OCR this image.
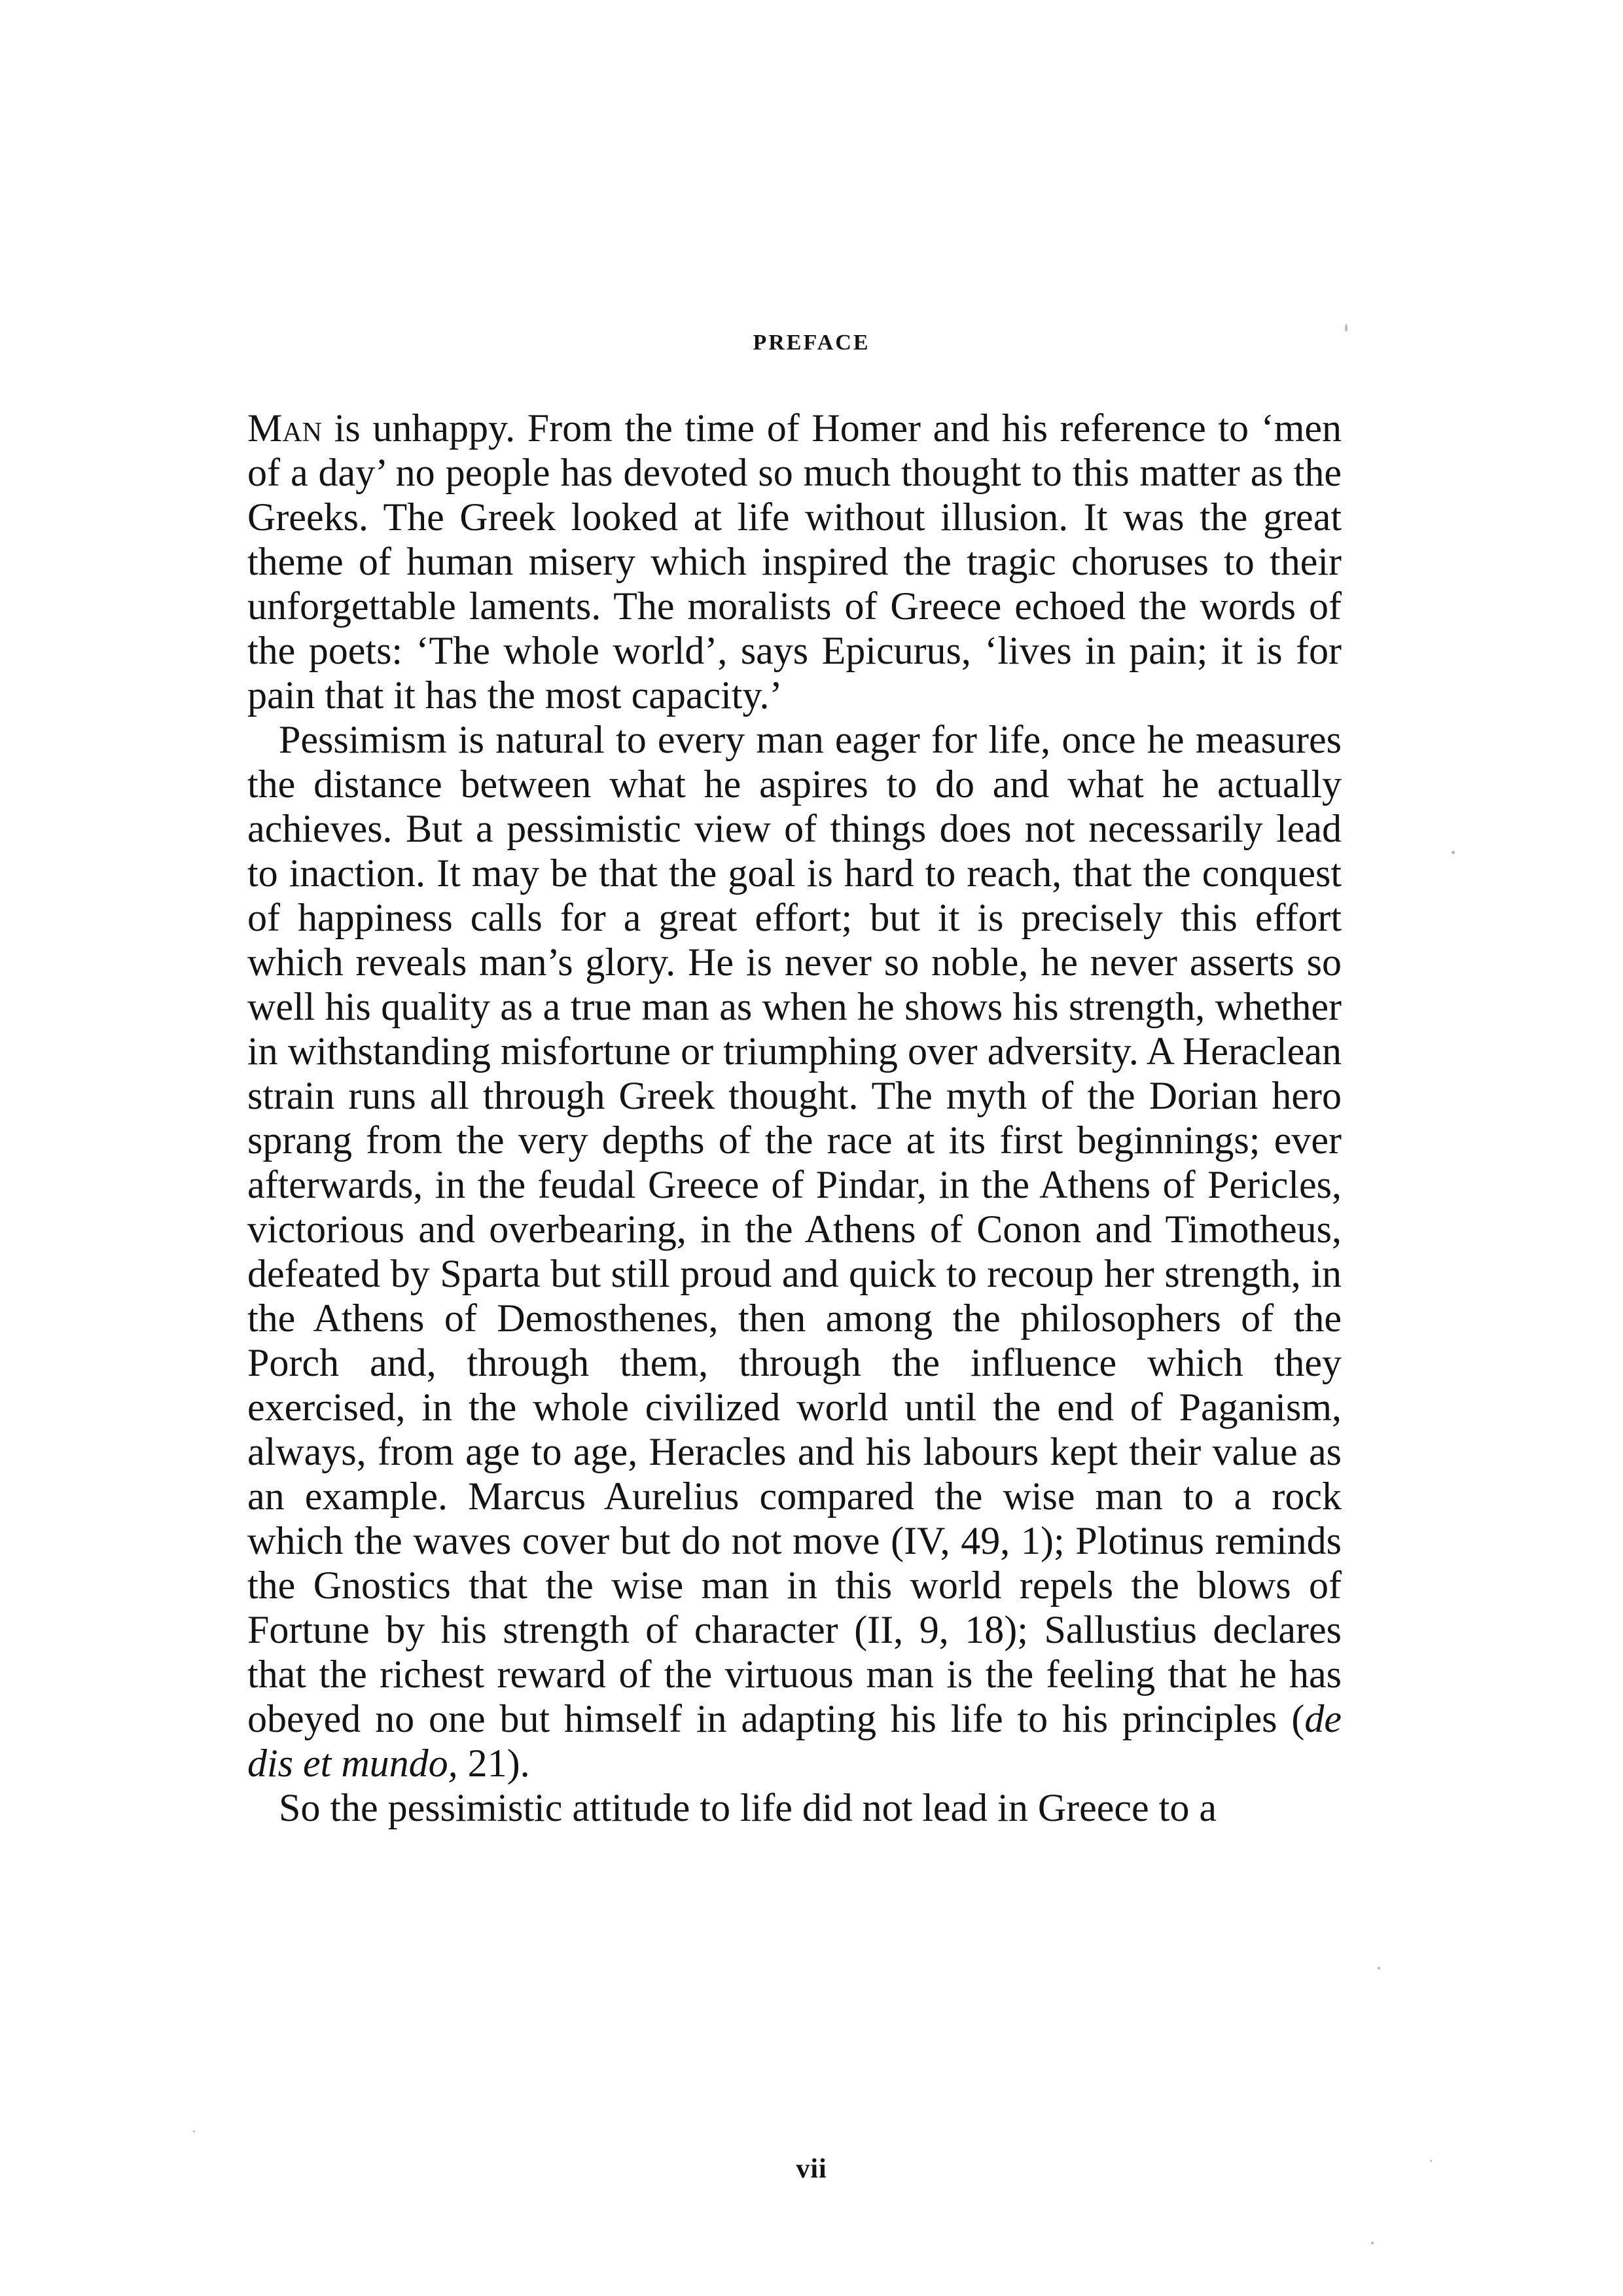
PREFACE

Man is unhappy. From the time of Homer and his reference to ‘men of a day’ no people has devoted so much thought to this matter as the Greeks. The Greek looked at life without illusion. It was the great theme of human misery which inspired the tragic choruses to their unforgettable laments. The moralists of Greece echoed the words of the poets: ‘The whole world’, says Epicurus, ‘lives in pain; it is for pain that it has the most capacity.’

Pessimism is natural to every man eager for life, once he measures the distance between what he aspires to do and what he actually achieves. But a pessimistic view of things does not necessarily lead to inaction. It may be that the goal is hard to reach, that the conquest of happiness calls for a great effort; but it is precisely this effort which reveals man’s glory. He is never so noble, he never asserts so well his quality as a true man as when he shows his strength, whether in withstanding misfortune or triumphing over adversity. A Heraclean strain runs all through Greek thought. The myth of the Dorian hero sprang from the very depths of the race at its first beginnings; ever afterwards, in the feudal Greece of Pindar, in the Athens of Pericles, victorious and overbearing, in the Athens of Conon and Timotheus, defeated by Sparta but still proud and quick to recoup her strength, in the Athens of Demosthenes, then among the philosophers of the Porch and, through them, through the influence which they exercised, in the whole civilized world until the end of Paganism, always, from age to age, Heracles and his labours kept their value as an example. Marcus Aurelius compared the wise man to a rock which the waves cover but do not move (IV, 49, 1); Plotinus reminds the Gnostics that the wise man in this world repels the blows of Fortune by his strength of character (II, 9, 18); Sallustius declares that the richest reward of the virtuous man is the feeling that he has obeyed no one but himself in adapting his life to his principles (de dis et mundo, 21).

So the pessimistic attitude to life did not lead in Greece to a

vii
